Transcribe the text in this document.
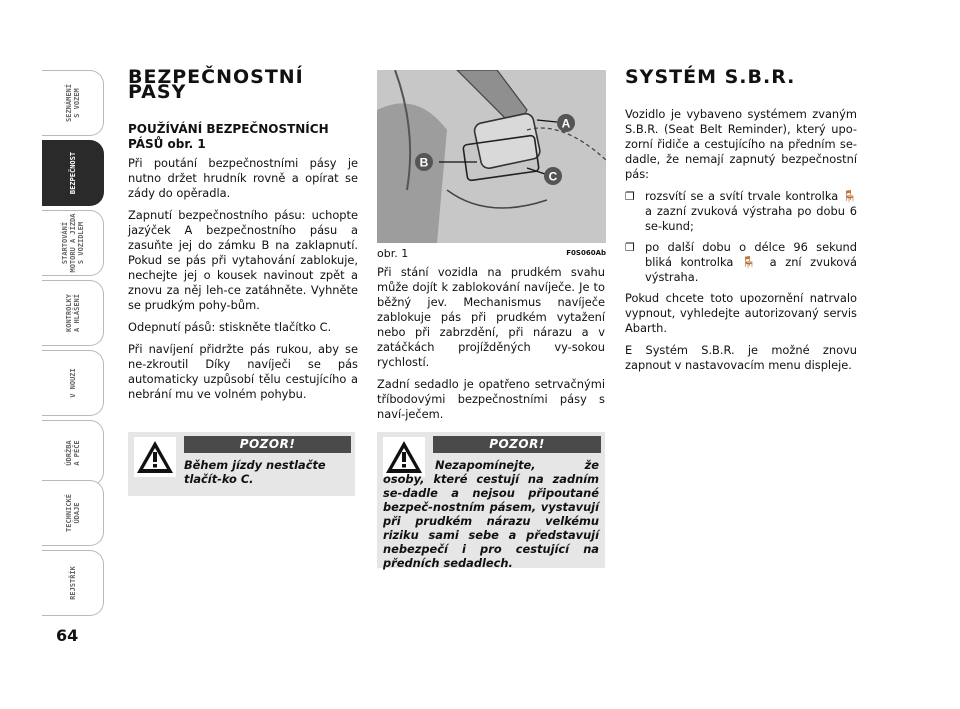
SEZNÁMENÍ
S VOZEM
BEZPEČNOST
STARTOVÁNÍ
MOTORU A JÍZDA
S VOZIDLEM
KONTROLKY
A HLÁŠENÍ
V NOUZI
ÚDRŽBA
A PÉČE
TECHNICKÉ
ÚDAJE
REJSTŘÍK
64
BEZPEČNOSTNÍ PÁSY
POUŽÍVÁNÍ BEZPEČNOSTNÍCH PÁSŮ obr. 1

Při poutání bezpečnostními pásy je nutno držet hrudník rovně a opírat se zády do opěradla.

Zapnutí bezpečnostního pásu: uchopte jazýček A bezpečnostního pásu a zasuňte jej do zámku B na zaklapnutí. Pokud se pás při vytahování zablokuje, nechejte jej o kousek navinout zpět a znovu za něj leh-ce zatáhněte. Vyhněte se prudkým pohy-bům.

Odepnutí pásů: stiskněte tlačítko C.

Při navíjení přidržte pás rukou, aby se ne-zkroutil Díky navíječi se pás automaticky uzpůsobí tělu cestujícího a nebrání mu ve volném pohybu.

POZOR!
Během jízdy nestlačte tlačít-ko C.
A
B
C
obr. 1	F0S060Ab

Při stání vozidla na prudkém svahu může dojít k zablokování navíječe. Je to běžný jev. Mechanismus navíječe zablokuje pás při prudkém vytažení nebo při zabrzdění, při nárazu a v zatáčkách projížděných vy-sokou rychlostí.

Zadní sedadlo je opatřeno setrvačnými tříbodovými bezpečnostními pásy s naví-ječem.

POZOR!
Nezapomínejte, že osoby, které cestují na zadním se-dadle a nejsou připoutané bezpeč-nostním pásem, vystavují při prudkém nárazu velkému riziku sami sebe a představují nebezpečí i pro cestující na předních sedadlech.
SYSTÉM S.B.R.

Vozidlo je vybaveno systémem zvaným S.B.R. (Seat Belt Reminder), který upo-zorní řidiče a cestujícího na předním se-dadle, že nemají zapnutý bezpečnostní pás:

❐ rozsvítí se a svítí trvale kontrolka 🪑 a zazní zvuková výstraha po dobu 6 se-kund;
❐ po další dobu o délce 96 sekund bliká kontrolka 🪑 a zní zvuková výstraha.

Pokud chcete toto upozornění natrvalo vypnout, vyhledejte autorizovaný servis Abarth.

E Systém S.B.R. je možné znovu zapnout v nastavovacím menu displeje.
